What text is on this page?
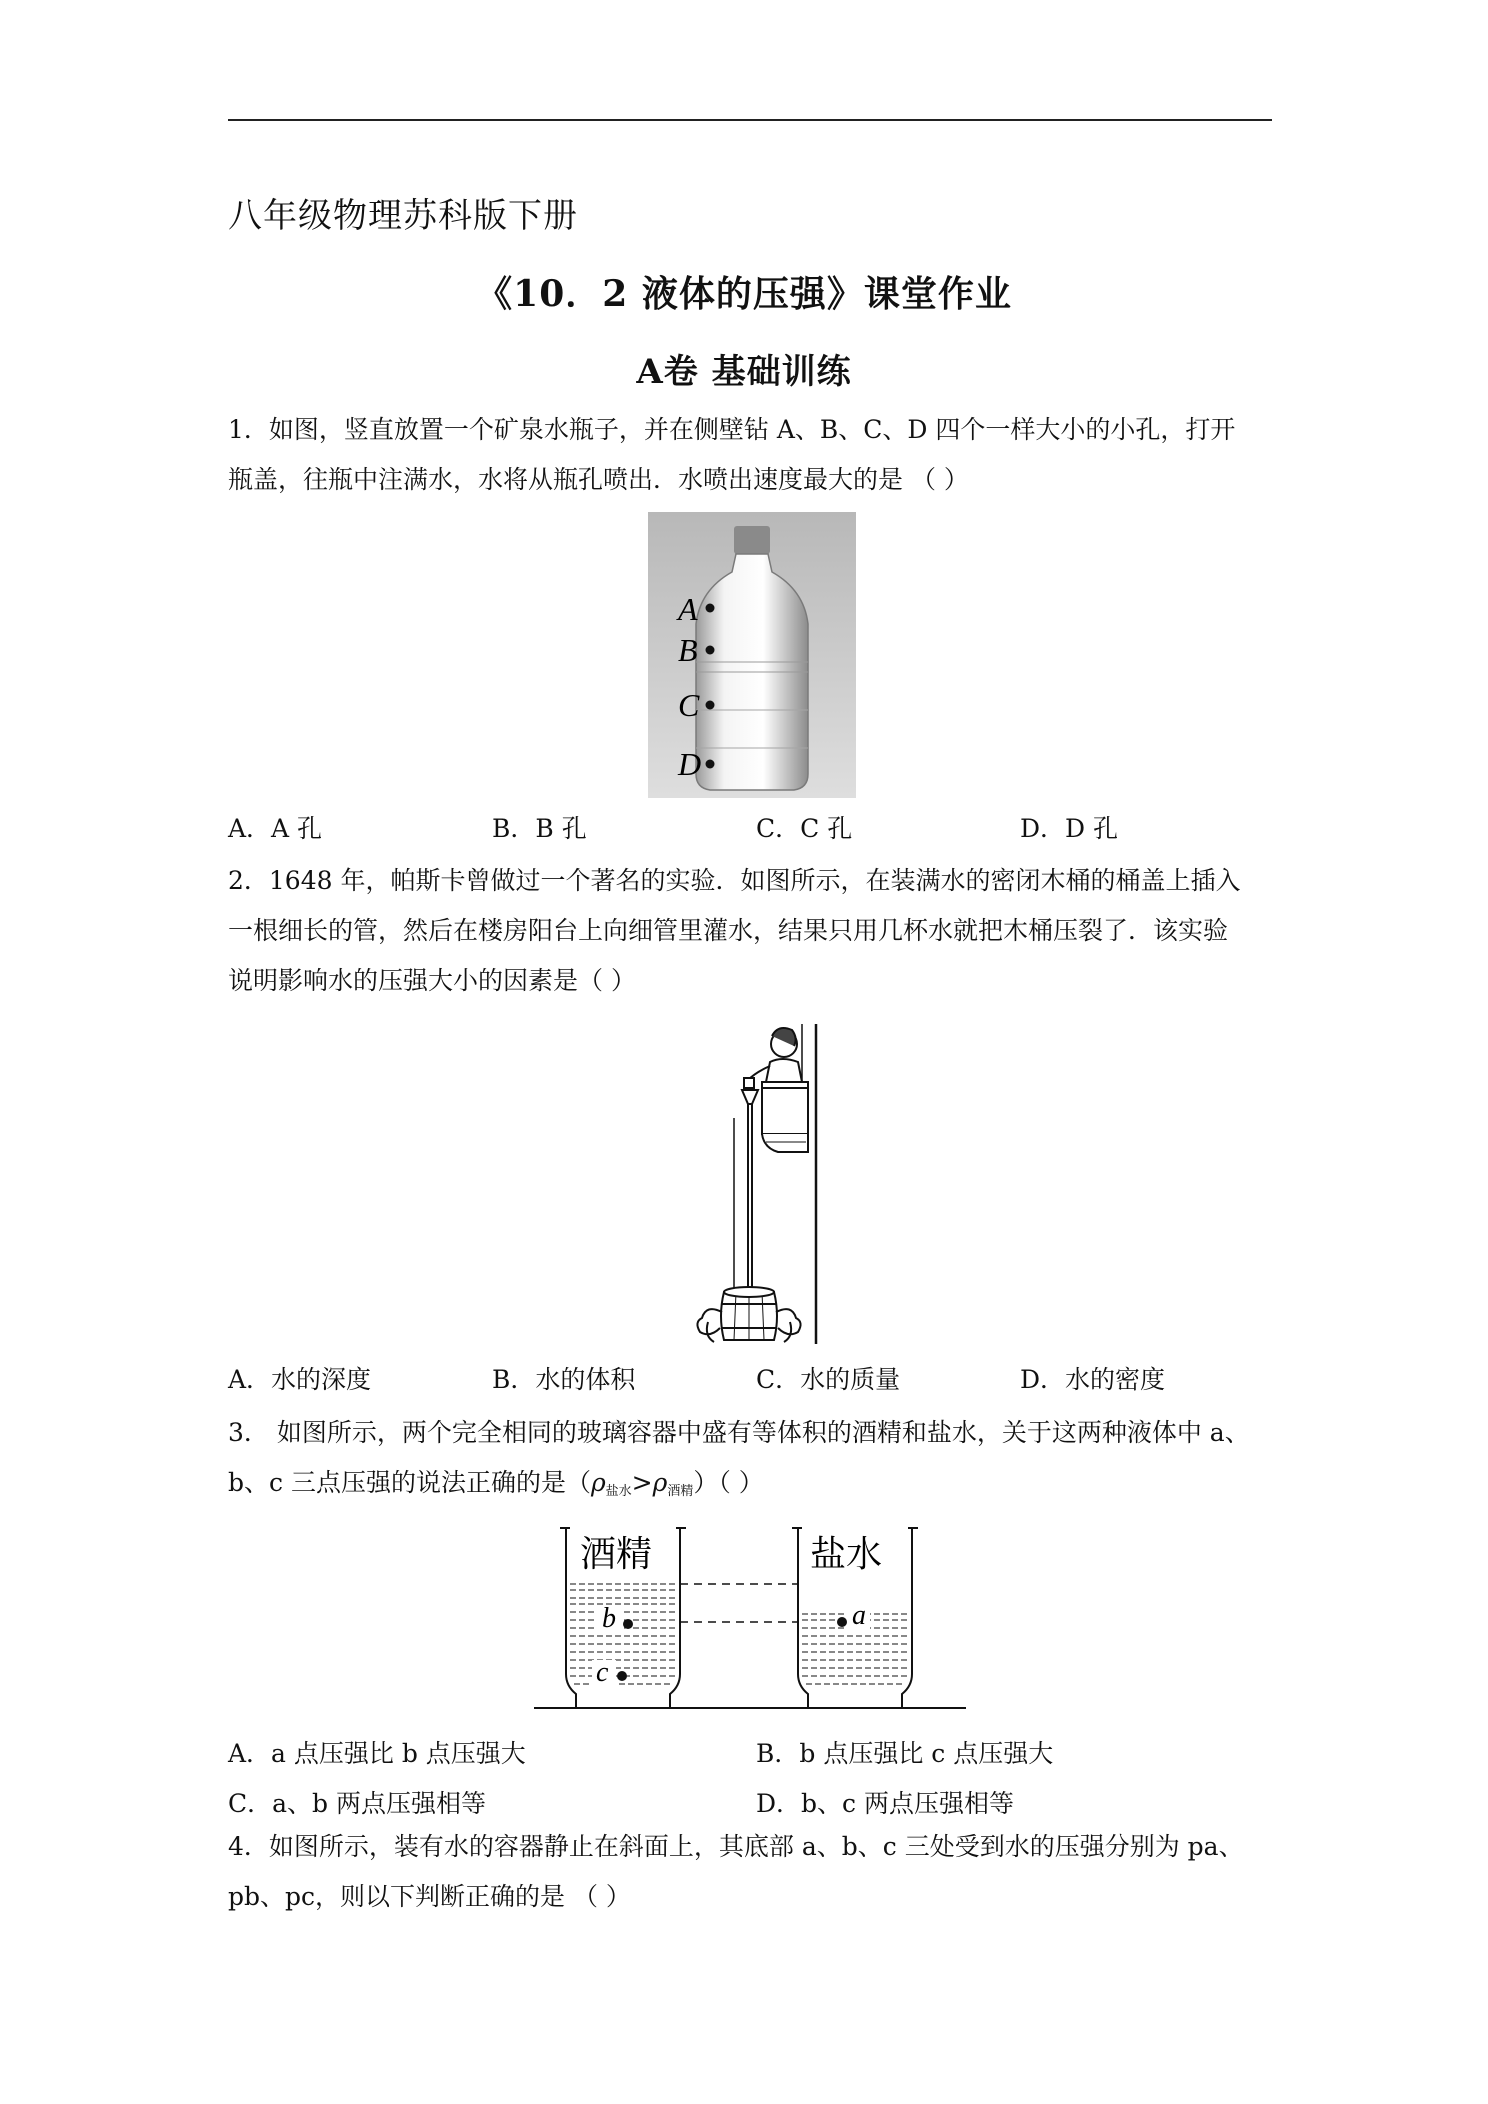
八年级物理苏科版下册
《10．2 液体的压强》课堂作业
A卷 基础训练
1．如图，竖直放置一个矿泉水瓶子，并在侧壁钻 A、B、C、D 四个一样大小的小孔，打开
瓶盖，往瓶中注满水，水将从瓶孔喷出．水喷出速度最大的是 （ ）
A
B
C
D
A．A 孔	B．B 孔	C．C 孔	D．D 孔
2．1648 年，帕斯卡曾做过一个著名的实验．如图所示，在装满水的密闭木桶的桶盖上插入
一根细长的管，然后在楼房阳台上向细管里灌水，结果只用几杯水就把木桶压裂了．该实验
说明影响水的压强大小的因素是（ ）
A．水的深度	B．水的体积	C．水的质量	D．水的密度
3． 如图所示，两个完全相同的玻璃容器中盛有等体积的酒精和盐水，关于这两种液体中 a、
b、c 三点压强的说法正确的是$(\rho_{盐水}>\rho_{酒精})$（ ）
酒精	盐水
b
c
a
A．a 点压强比 b 点压强大	B．b 点压强比 c 点压强大
C．a、b 两点压强相等	D．b、c 两点压强相等
4．如图所示，装有水的容器静止在斜面上，其底部 a、b、c 三处受到水的压强分别为 pa、
pb、pc，则以下判断正确的是 （ ）
